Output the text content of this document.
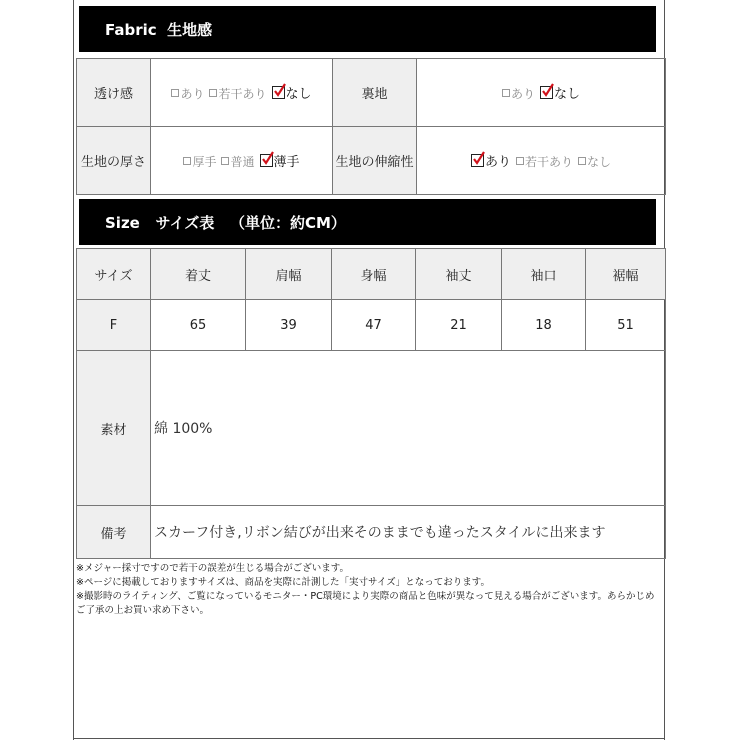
Fabric  生地感
透け感	あり 若干あり なし	裏地	あり なし
生地の厚さ	厚手 普通 薄手	生地の伸縮性	あり 若干あり なし
Size   サイズ表   （単位：約CM）
サイズ	着丈	肩幅	身幅	袖丈	袖口	裾幅
F	65	39	47	21	18	51
素材	綿 100%					
備考	スカーフ付き,リボン結びが出来そのままでも違ったスタイルに出来ます					
※メジャー採寸ですので若干の誤差が生じる場合がございます。
※ページに掲載しておりますサイズは、商品を実際に計測した「実寸サイズ」となっております。
※撮影時のライティング、ご覧になっているモニター・PC環境により実際の商品と色味が異なって見える場合がございます。あらかじめご了承の上お買い求め下さい。
